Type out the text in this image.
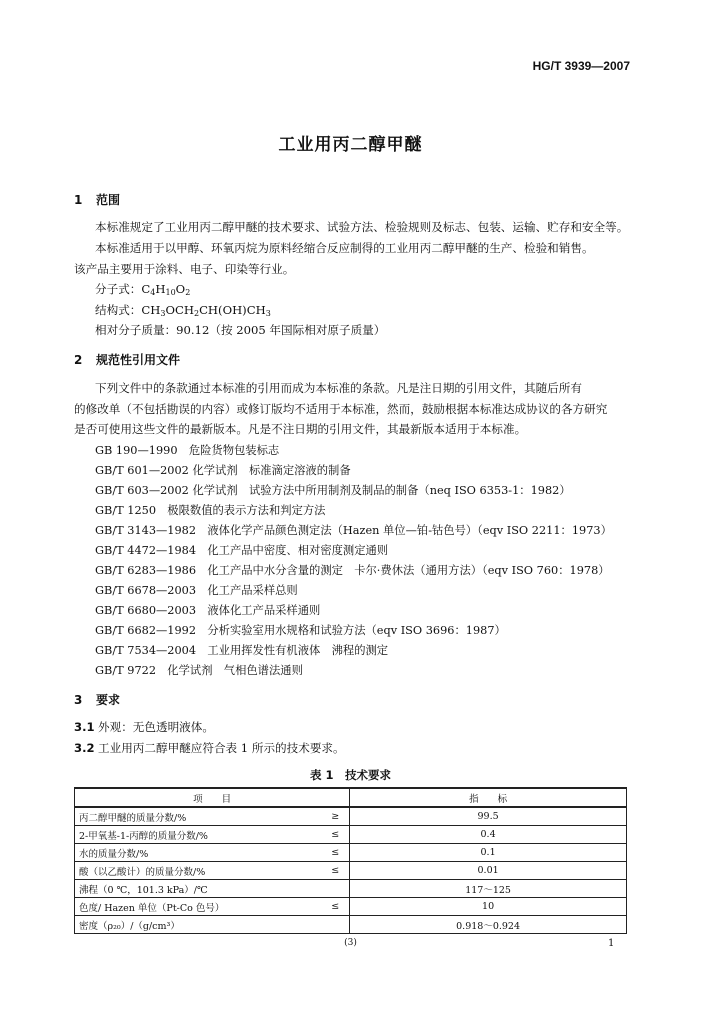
HG/T 3939—2007
工业用丙二醇甲醚
1 范围
本标准规定了工业用丙二醇甲醚的技术要求、试验方法、检验规则及标志、包装、运输、贮存和安全等。
本标准适用于以甲醇、环氧丙烷为原料经缩合反应制得的工业用丙二醇甲醚的生产、检验和销售。
该产品主要用于涂料、电子、印染等行业。
分子式：$C_4H_{10}O_2$
结构式：$CH_3OCH_2CH(OH)CH_3$
相对分子质量：90.12（按 2005 年国际相对原子质量）
2 规范性引用文件
下列文件中的条款通过本标准的引用而成为本标准的条款。凡是注日期的引用文件，其随后所有
的修改单（不包括勘误的内容）或修订版均不适用于本标准，然而，鼓励根据本标准达成协议的各方研究
是否可使用这些文件的最新版本。凡是不注日期的引用文件，其最新版本适用于本标准。
GB 190—1990　危险货物包装标志
GB/T 601—2002 化学试剂　标准滴定溶液的制备
GB/T 603—2002 化学试剂　试验方法中所用制剂及制品的制备（neq ISO 6353-1：1982）
GB/T 1250　极限数值的表示方法和判定方法
GB/T 3143—1982　液体化学产品颜色测定法（Hazen 单位—铂-钴色号）（eqv ISO 2211：1973）
GB/T 4472—1984　化工产品中密度、相对密度测定通则
GB/T 6283—1986　化工产品中水分含量的测定　卡尔·费休法（通用方法）（eqv ISO 760：1978）
GB/T 6678—2003　化工产品采样总则
GB/T 6680—2003　液体化工产品采样通则
GB/T 6682—1992　分析实验室用水规格和试验方法（eqv ISO 3696：1987）
GB/T 7534—2004　工业用挥发性有机液体　沸程的测定
GB/T 9722　化学试剂　气相色谱法通则
3 要求
3.1 外观：无色透明液体。
3.2 工业用丙二醇甲醚应符合表 1 所示的技术要求。
表 1　技术要求
项　　目		指　　标
丙二醇甲醚的质量分数/%	≥	99.5
2-甲氧基-1-丙醇的质量分数/%	≤	0.4
水的质量分数/%	≤	0.1
酸（以乙酸计）的质量分数/%	≤	0.01
沸程（0 ℃，101.3 kPa）/℃		117～125
色度/ Hazen 单位（Pt-Co 色号）	≤	10
密度（ρ₂₀）/（g/cm³）		0.918～0.924
(3)	1
